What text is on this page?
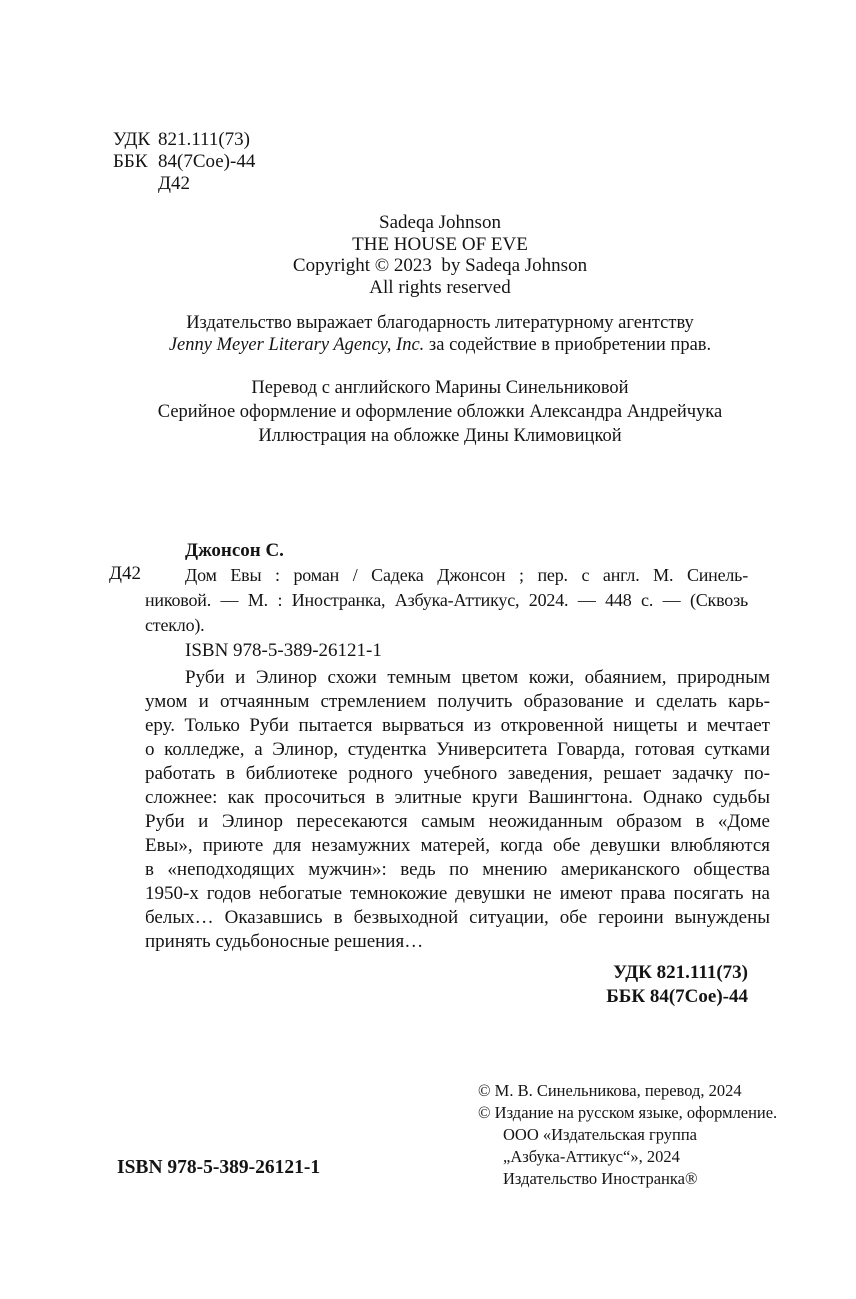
УДК 821.111(73)
ББК 84(7Сое)-44
Д42
Sadeqa Johnson
THE HOUSE OF EVE
Copyright © 2023  by Sadeqa Johnson
All rights reserved
Издательство выражает благодарность литературному агентству
Jenny Meyer Literary Agency, Inc. за содействие в приобретении прав.
Перевод с английского Марины Синельниковой
Серийное оформление и оформление обложки Александра Андрейчука
Иллюстрация на обложке Дины Климовицкой
Д42
Джонсон С.
Дом Евы : роман / Садека Джонсон ; пер. с англ. М. Синель-
никовой. — М. : Иностранка, Азбука-Аттикус, 2024. — 448 с. — (Сквозь
стекло).
ISBN 978-5-389-26121-1
Руби и Элинор схожи темным цветом кожи, обаянием, природным
умом и отчаянным стремлением получить образование и сделать карь-
еру. Только Руби пытается вырваться из откровенной нищеты и мечтает
о колледже, а Элинор, студентка Университета Говарда, готовая сутками
работать в библиотеке родного учебного заведения, решает задачку по-
сложнее: как просочиться в элитные круги Вашингтона. Однако судьбы
Руби и Элинор пересекаются самым неожиданным образом в «Доме
Евы», приюте для незамужних матерей, когда обе девушки влюбляются
в «неподходящих мужчин»: ведь по мнению американского общества
1950-х годов небогатые темнокожие девушки не имеют права посягать на
белых… Оказавшись в безвыходной ситуации, обе героини вынуждены
принять судьбоносные решения…
УДК 821.111(73)
ББК 84(7Сое)-44
© М. В. Синельникова, перевод, 2024
© Издание на русском языке, оформление.
ООО «Издательская группа
„Азбука-Аттикус“», 2024
Издательство Иностранка®
ISBN 978-5-389-26121-1
